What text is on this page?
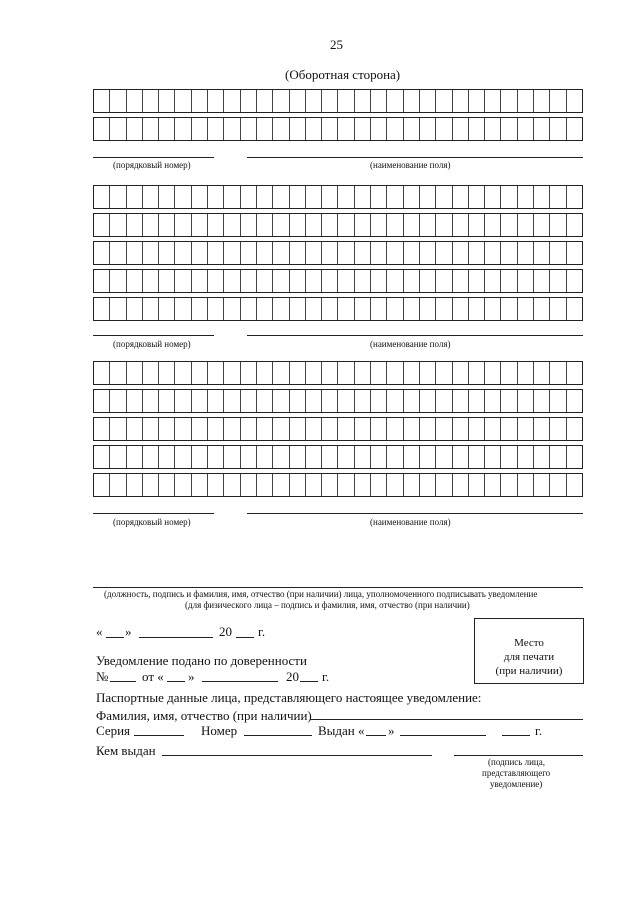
25
(Оборотная сторона)
(порядковый номер)	(наименование поля)
(порядковый номер)	(наименование поля)
(порядковый номер)	(наименовaние поля)
(должность, подпись и фамилия, имя, отчество (при наличии) лица, уполномоченного подписывать уведомление
(для физического лица – подпись и фамилия, имя, отчество (при наличии)
« »	20 г.
Место
для печати
(при наличии)
Уведомление подано по доверенности
№	от « »	20 г.
Паспортные данные лица, представляющего настоящее уведомление:
Фамилия, имя, отчество (при наличии)
Серия	Номер	Выдан « »	г.
Кем выдан
(подпись лица,
представляющего
уведомление)
